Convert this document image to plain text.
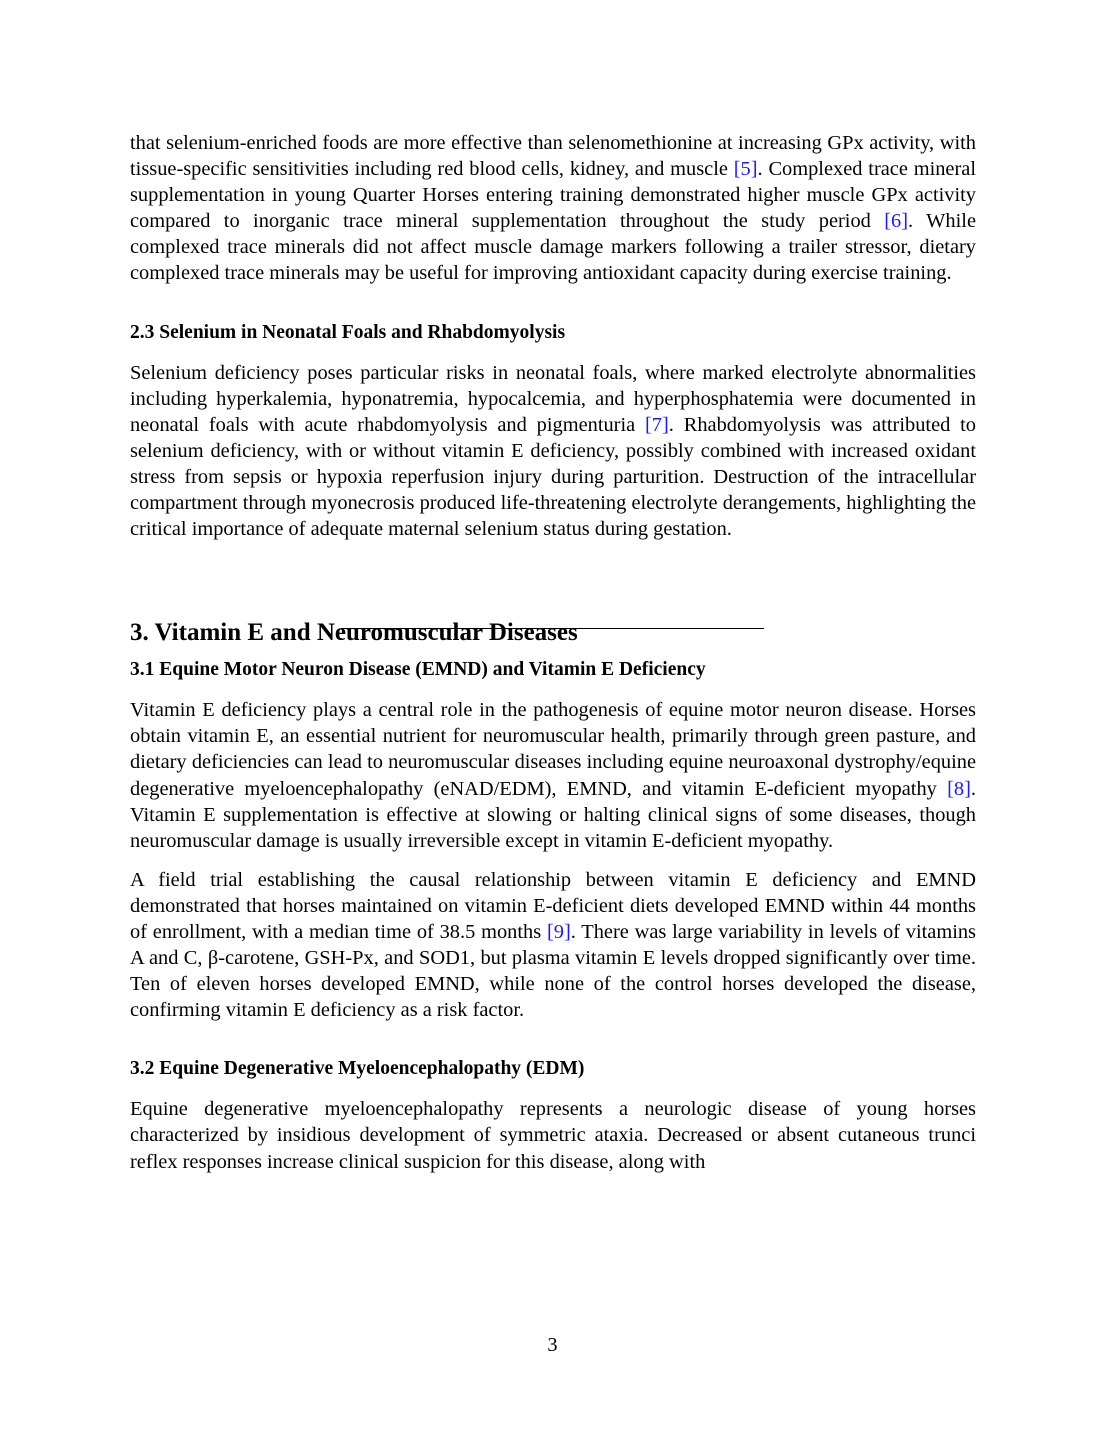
that selenium-enriched foods are more effective than selenomethionine at increasing GPx activity, with tissue-specific sensitivities including red blood cells, kidney, and muscle [5]. Complexed trace mineral supplementation in young Quarter Horses entering training demonstrated higher muscle GPx activity compared to inorganic trace mineral supplementation throughout the study period [6]. While complexed trace minerals did not affect muscle damage markers following a trailer stressor, dietary complexed trace minerals may be useful for improving antioxidant capacity during exercise training.

2.3 Selenium in Neonatal Foals and Rhabdomyolysis

Selenium deficiency poses particular risks in neonatal foals, where marked electrolyte abnormalities including hyperkalemia, hyponatremia, hypocalcemia, and hyperphosphatemia were documented in neonatal foals with acute rhabdomyolysis and pigmenturia [7]. Rhabdomyolysis was attributed to selenium deficiency, with or without vitamin E deficiency, possibly combined with increased oxidant stress from sepsis or hypoxia reperfusion injury during parturition. Destruction of the intracellular compartment through myonecrosis produced life-threatening electrolyte derangements, highlighting the critical importance of adequate maternal selenium status during gestation.

3. Vitamin E and Neuromuscular Diseases
3.1 Equine Motor Neuron Disease (EMND) and Vitamin E Deficiency

Vitamin E deficiency plays a central role in the pathogenesis of equine motor neuron disease. Horses obtain vitamin E, an essential nutrient for neuromuscular health, primarily through green pasture, and dietary deficiencies can lead to neuromuscular diseases including equine neuroaxonal dystrophy/equine degenerative myeloencephalopathy (eNAD/EDM), EMND, and vitamin E-deficient myopathy [8]. Vitamin E supplementation is effective at slowing or halting clinical signs of some diseases, though neuromuscular damage is usually irreversible except in vitamin E-deficient myopathy.

A field trial establishing the causal relationship between vitamin E deficiency and EMND demonstrated that horses maintained on vitamin E-deficient diets developed EMND within 44 months of enrollment, with a median time of 38.5 months [9]. There was large variability in levels of vitamins A and C, β-carotene, GSH-Px, and SOD1, but plasma vitamin E levels dropped significantly over time. Ten of eleven horses developed EMND, while none of the control horses developed the disease, confirming vitamin E deficiency as a risk factor.

3.2 Equine Degenerative Myeloencephalopathy (EDM)

Equine degenerative myeloencephalopathy represents a neurologic disease of young horses characterized by insidious development of symmetric ataxia. Decreased or absent cutaneous trunci reflex responses increase clinical suspicion for this disease, along with

3
